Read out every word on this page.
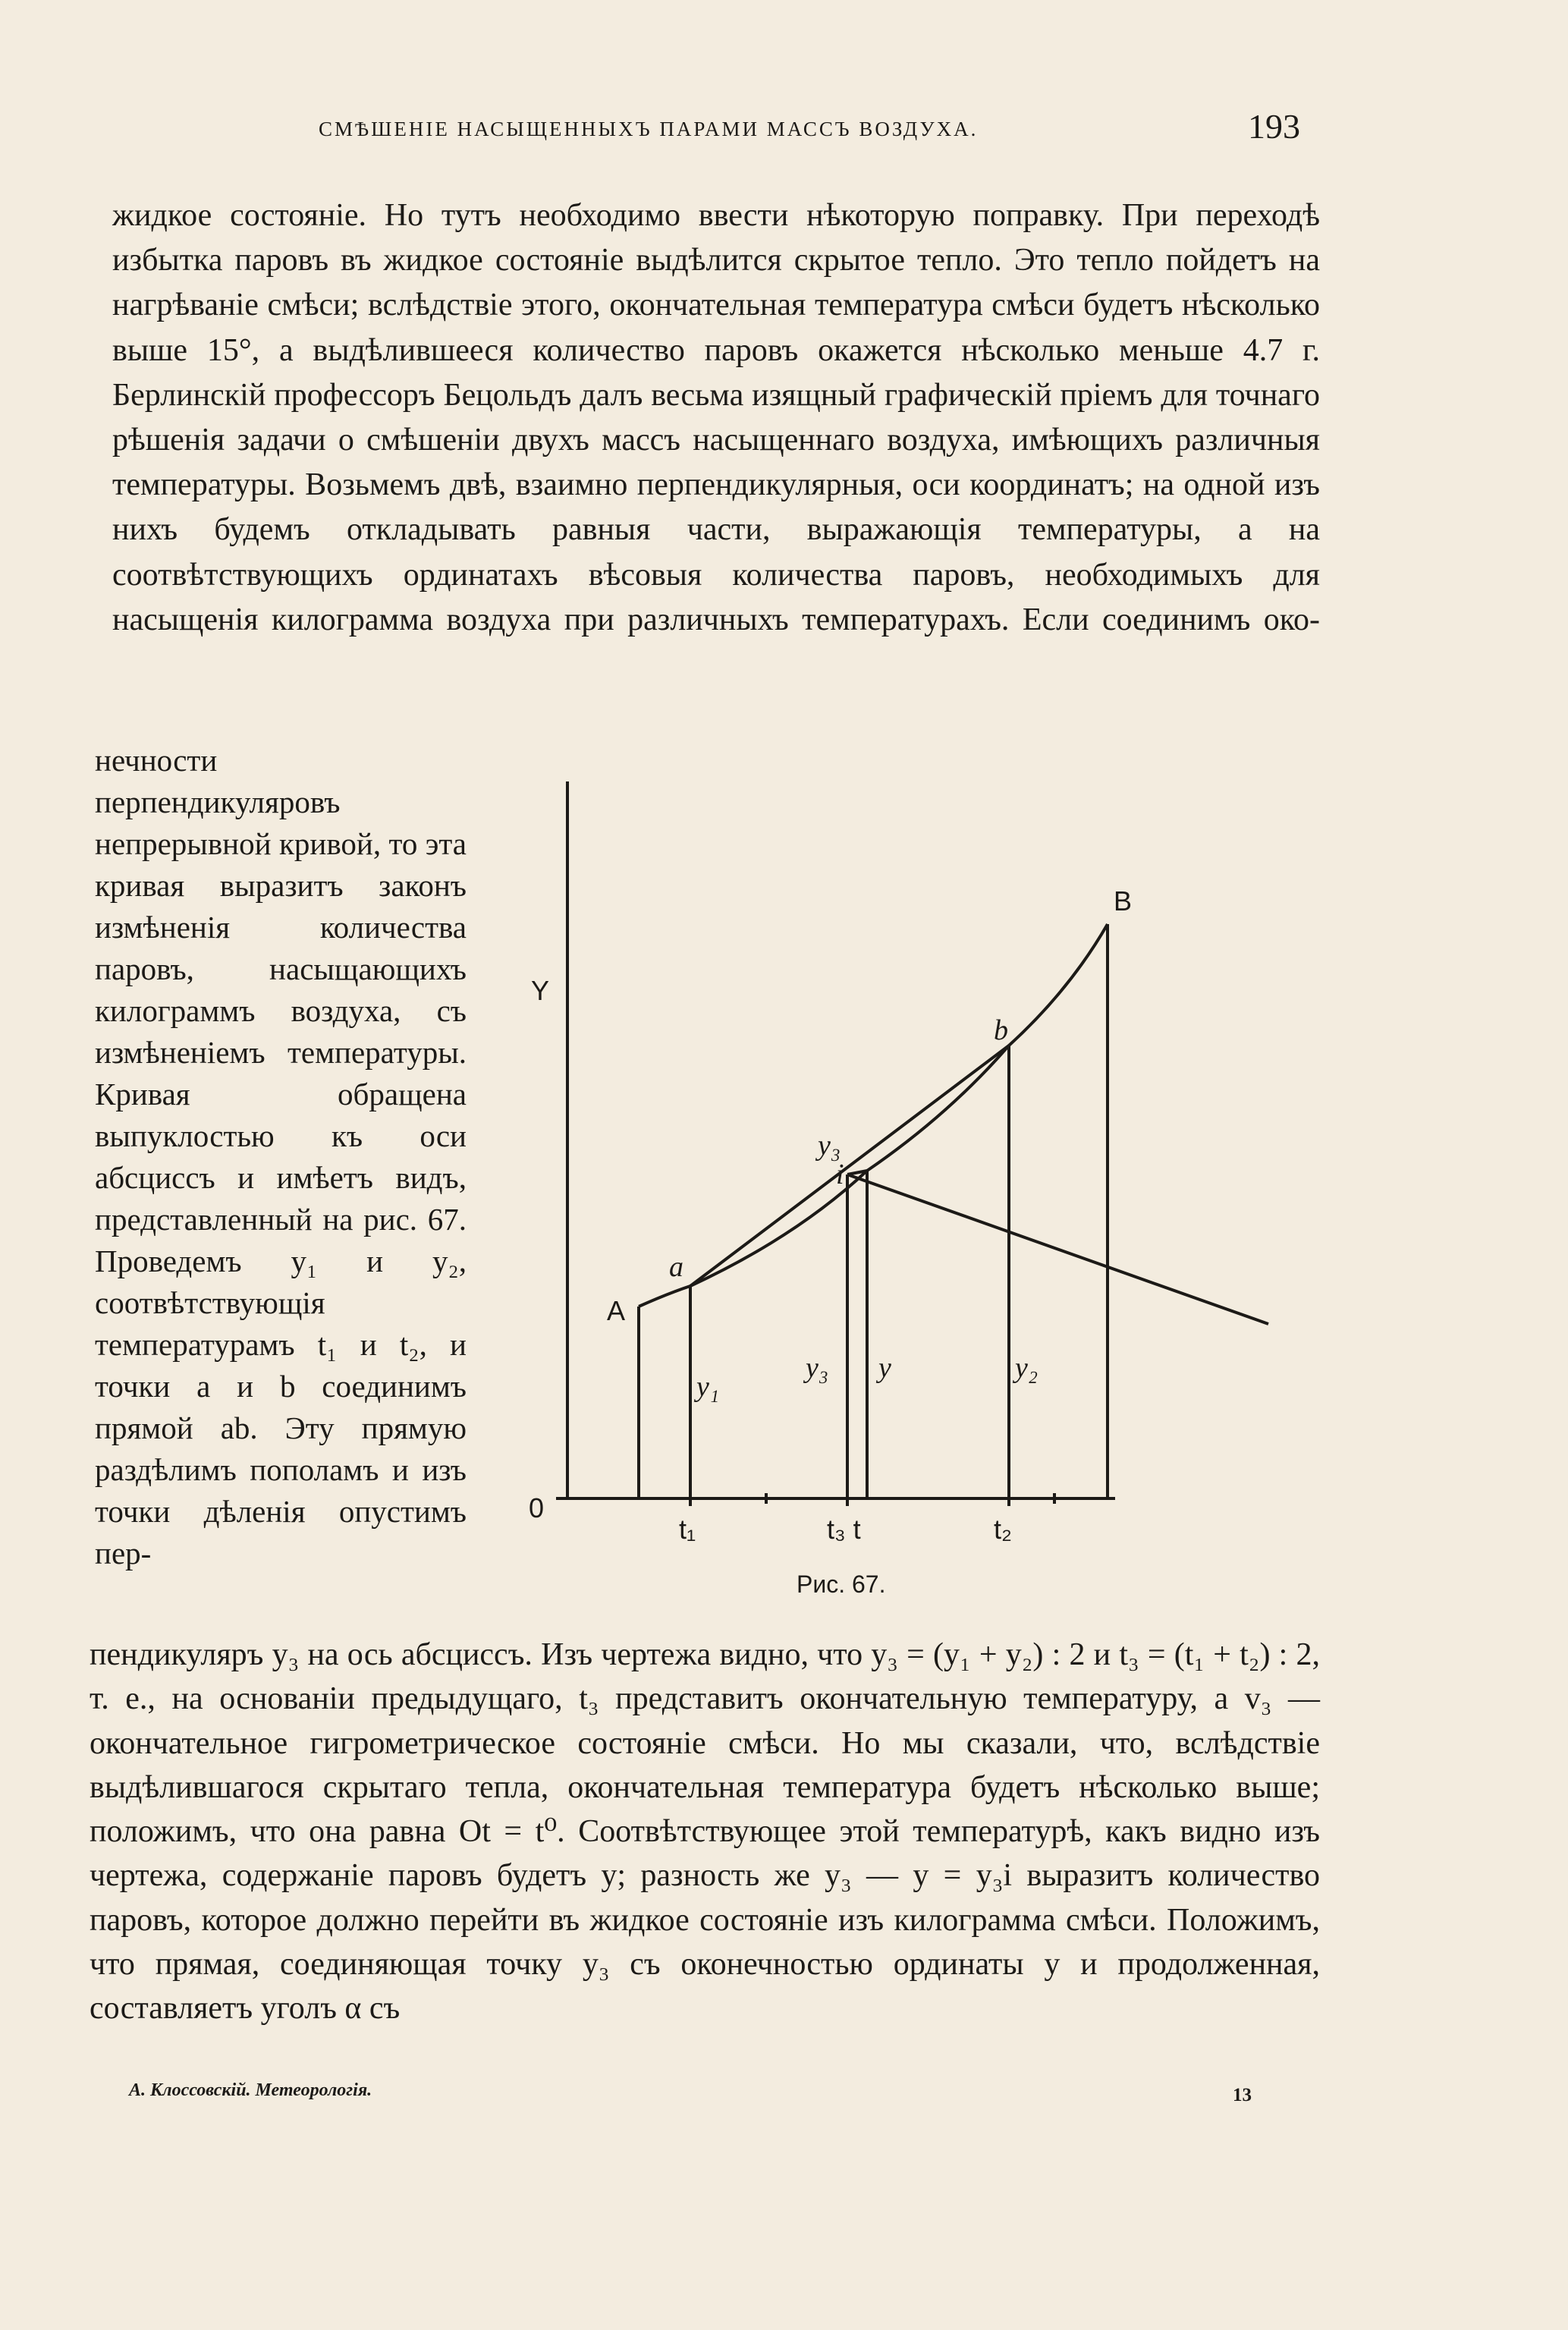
СМѢШЕНІЕ НАСЫЩЕННЫХЪ ПАРАМИ МАССЪ ВОЗДУХА.	193

жидкое состояніе. Но тутъ необходимо ввести нѣкоторую поправку. При переходѣ избытка паровъ въ жидкое состояніе выдѣлится скрытое тепло. Это тепло пойдетъ на нагрѣваніе смѣси; вслѣдствіе этого, окончательная температура смѣси будетъ нѣсколько выше 15°, а выдѣлившееся количество паровъ окажется нѣсколько меньше 4.7 г. Берлинскій профессоръ Бецольдъ далъ весьма изящный графическій пріемъ для точнаго рѣшенія задачи о смѣшеніи двухъ массъ насыщеннаго воздуха, имѣющихъ различныя температуры. Возьмемъ двѣ, взаимно перпендикулярныя, оси координатъ; на одной изъ нихъ будемъ откладывать равныя части, выражающія температуры, а на соотвѣтствующихъ ординатахъ вѣсовыя количества паровъ, необходимыхъ для насыщенія килограмма воздуха при различныхъ температурахъ. Если соединимъ око-

нечности перпендикуляровъ непрерывной кривой, то эта кривая выразитъ законъ измѣненія количества паровъ, насыщающихъ килограммъ воздуха, съ измѣненіемъ температуры. Кривая обращена выпуклостью къ оси абсциссъ и имѣетъ видъ, представленный на рис. 67. Проведемъ y₁ и y₂, соотвѣтствующія температурамъ t₁ и t₂, и точки a и b соединимъ прямой ab. Эту прямую раздѣлимъ пополамъ и изъ точки дѣленія опустимъ пер-

Y
0
A
B
a
b
y₃
i
y₁
y₃ y	y₂
t₁	t₃ t	t₂
Рис. 67.

пендикуляръ y₃ на ось абсциссъ. Изъ чертежа видно, что y₃ = (y₁ + y₂) : 2 и t₃ = (t₁ + t₂) : 2, т. е., на основаніи предыдущаго, t₃ представитъ окончательную температуру, а v₃ — окончательное гигрометрическое состояніе смѣси. Но мы сказали, что, вслѣдствіе выдѣлившагося скрытаго тепла, окончательная температура будетъ нѣсколько выше; положимъ, что она равна Ot = t⁰. Соотвѣтствующее этой температурѣ, какъ видно изъ чертежа, содержаніе паровъ будетъ y; разность же y₃ — y = y₃i выразитъ количество паровъ, которое должно перейти въ жидкое состояніе изъ килограмма смѣси. Положимъ, что прямая, соединяющая точку y₃ съ оконечностью ординаты y и продолженная, составляетъ уголъ α съ

А. Клоссовскій. Метеорологія.	13
